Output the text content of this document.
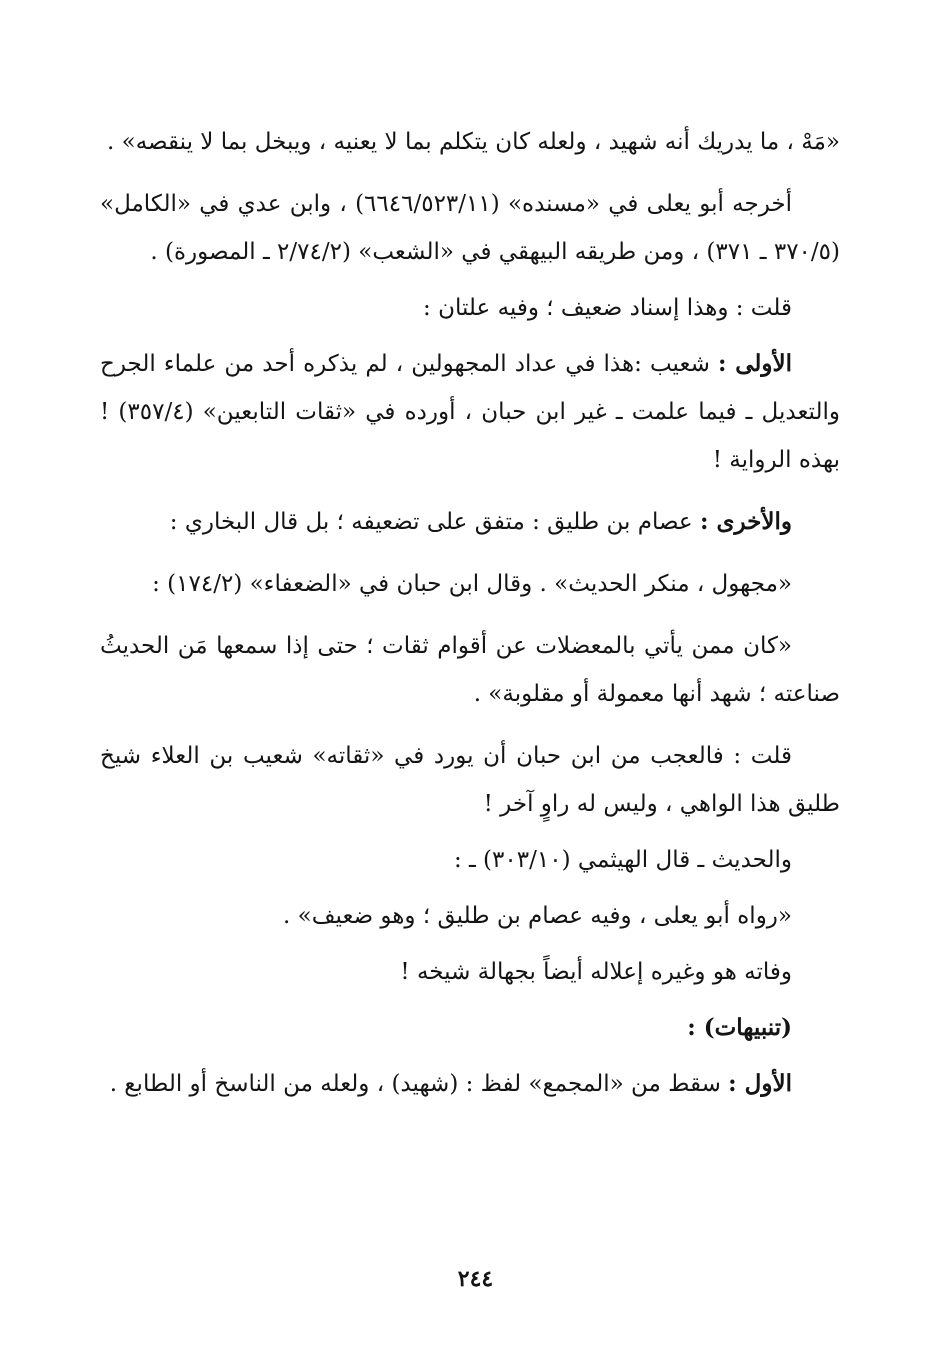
«مَهْ ، ما يدريك أنه شهيد ، ولعله كان يتكلم بما لا يعنيه ، ويبخل بما لا ينقصه» .

أخرجه أبو يعلى في «مسنده» (٦٦٤٦/٥٢٣/١١) ، وابن عدي في «الكامل» (٣٧٠/٥ ـ ٣٧١) ، ومن طريقه البيهقي في «الشعب» (٢/٧٤/٢ ـ المصورة) .

قلت : وهذا إسناد ضعيف ؛ وفيه علتان :

الأولى : شعيب :هذا في عداد المجهولين ، لم يذكره أحد من علماء الجرح والتعديل ـ فيما علمت ـ غير ابن حبان ، أورده في «ثقات التابعين» (٣٥٧/٤) ! بهذه الرواية !

والأخرى : عصام بن طليق : متفق على تضعيفه ؛ بل قال البخاري :

«مجهول ، منكر الحديث» . وقال ابن حبان في «الضعفاء» (١٧٤/٢) :

«كان ممن يأتي بالمعضلات عن أقوام ثقات ؛ حتى إذا سمعها مَن الحديثُ صناعته ؛ شهد أنها معمولة أو مقلوبة» .

قلت : فالعجب من ابن حبان أن يورد في «ثقاته» شعيب بن العلاء شيخ طليق هذا الواهي ، وليس له راوٍ آخر !

والحديث ـ قال الهيثمي (٣٠٣/١٠) ـ :

«رواه أبو يعلى ، وفيه عصام بن طليق ؛ وهو ضعيف» .

وفاته هو وغيره إعلاله أيضاً بجهالة شيخه !

(تنبيهات) :

الأول : سقط من «المجمع» لفظ : (شهيد) ، ولعله من الناسخ أو الطابع .

٢٤٤
